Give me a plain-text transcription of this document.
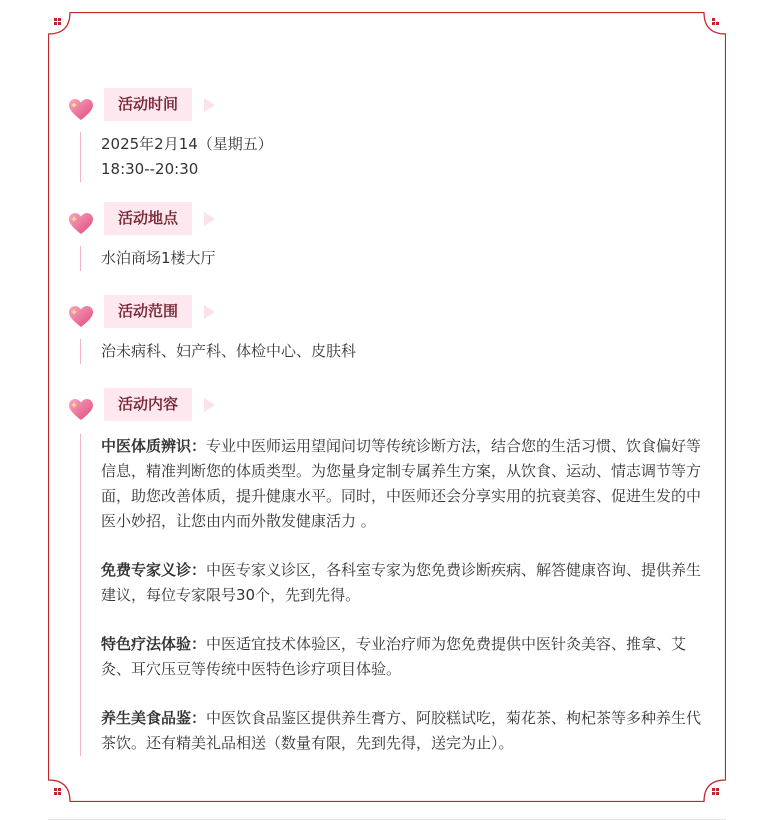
活动时间

2025年2月14（星期五）

18:30--20:30

活动地点

水泊商场1楼大厅

活动范围

治未病科、妇产科、体检中心、皮肤科

活动内容

中医体质辨识：专业中医师运用望闻问切等传统诊断方法，结合您的生活习惯、饮食偏好等信息，精准判断您的体质类型。为您量身定制专属养生方案，从饮食、运动、情志调节等方面，助您改善体质，提升健康水平。同时，中医师还会分享实用的抗衰美容、促进生发的中医小妙招，让您由内而外散发健康活力 。

免费专家义诊：中医专家义诊区，各科室专家为您免费诊断疾病、解答健康咨询、提供养生建议，每位专家限号30个，先到先得。

特色疗法体验：中医适宜技术体验区，专业治疗师为您免费提供中医针灸美容、推拿、艾灸、耳穴压豆等传统中医特色诊疗项目体验。

养生美食品鉴：中医饮食品鉴区提供养生膏方、阿胶糕试吃，菊花茶、枸杞茶等多种养生代茶饮。还有精美礼品相送（数量有限，先到先得，送完为止）。
